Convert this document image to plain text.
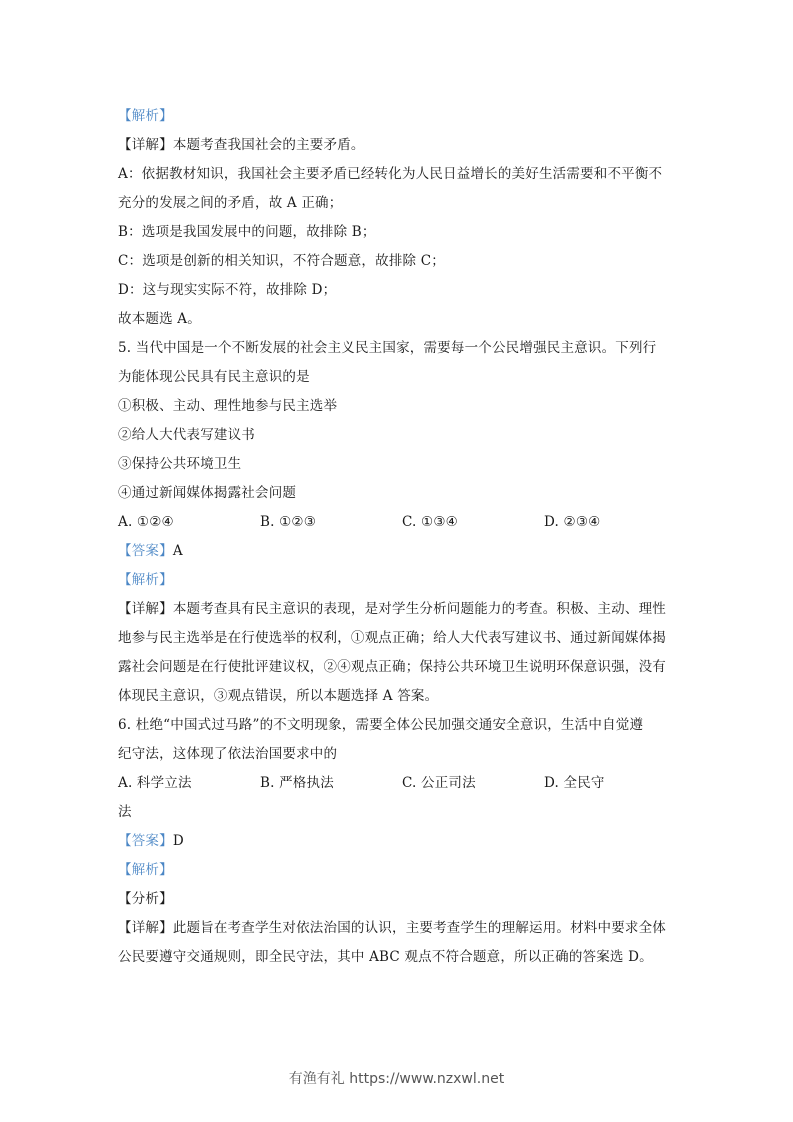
【解析】
【详解】本题考查我国社会的主要矛盾。
A：依据教材知识，我国社会主要矛盾已经转化为人民日益增长的美好生活需要和不平衡不
充分的发展之间的矛盾，故 A 正确；
B：选项是我国发展中的问题，故排除 B；
C：选项是创新的相关知识，不符合题意，故排除 C；
D：这与现实实际不符，故排除 D；
故本题选 A。
5. 当代中国是一个不断发展的社会主义民主国家，需要每一个公民增强民主意识。下列行
为能体现公民具有民主意识的是
①积极、主动、理性地参与民主选举
②给人大代表写建议书
③保持公共环境卫生
④通过新闻媒体揭露社会问题
A. ①②④	B. ①②③	C. ①③④	D. ②③④
【答案】A
【解析】
【详解】本题考查具有民主意识的表现，是对学生分析问题能力的考查。积极、主动、理性
地参与民主选举是在行使选举的权利，①观点正确；给人大代表写建议书、通过新闻媒体揭
露社会问题是在行使批评建议权，②④观点正确；保持公共环境卫生说明环保意识强，没有
体现民主意识，③观点错误，所以本题选择 A 答案。
6. 杜绝“中国式过马路”的不文明现象，需要全体公民加强交通安全意识，生活中自觉遵
纪守法，这体现了依法治国要求中的
A. 科学立法	B. 严格执法	C. 公正司法	D. 全民守
法
【答案】D
【解析】
【分析】
【详解】此题旨在考查学生对依法治国的认识，主要考查学生的理解运用。材料中要求全体
公民要遵守交通规则，即全民守法，其中 ABC 观点不符合题意，所以正确的答案选 D。
有渔有礼 https://www.nzxwl.net
